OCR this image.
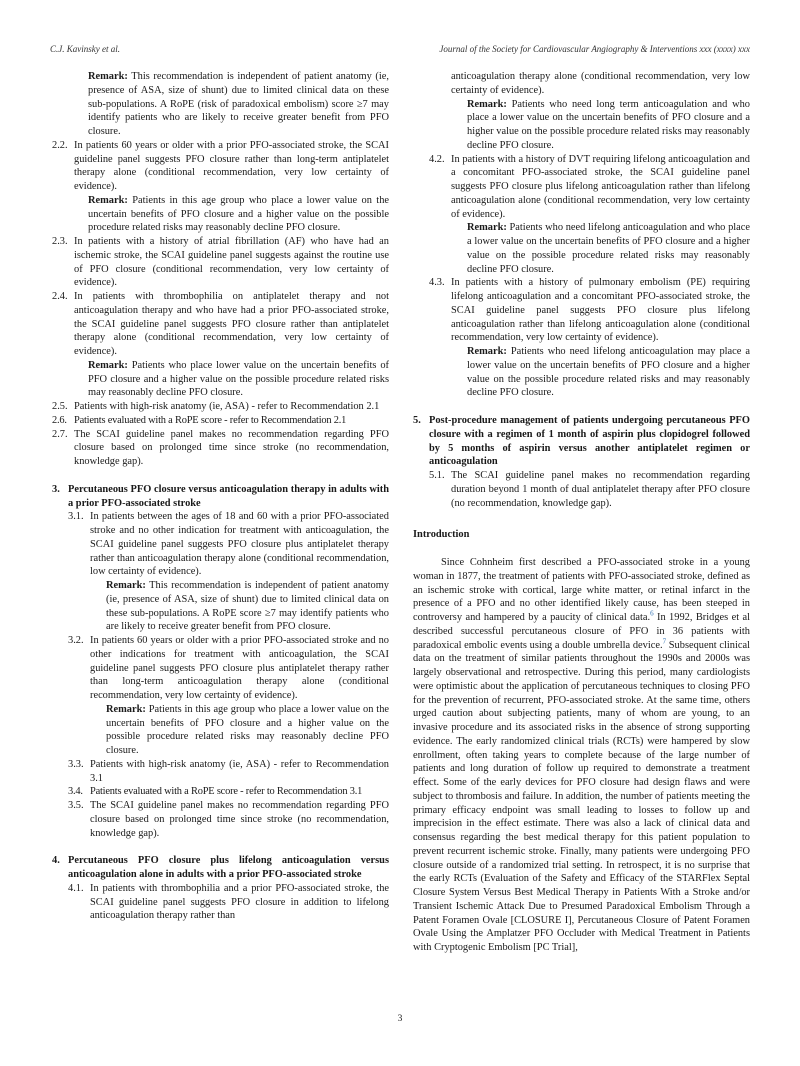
C.J. Kavinsky et al.	Journal of the Society for Cardiovascular Angiography & Interventions xxx (xxxx) xxx
Remark: This recommendation is independent of patient anatomy (ie, presence of ASA, size of shunt) due to limited clinical data on these sub-populations. A RoPE (risk of paradoxical embolism) score ≥7 may identify patients who are likely to receive greater benefit from PFO closure.
2.2. In patients 60 years or older with a prior PFO-associated stroke, the SCAI guideline panel suggests PFO closure rather than long-term antiplatelet therapy alone (conditional recommendation, very low certainty of evidence).
Remark: Patients in this age group who place a lower value on the uncertain benefits of PFO closure and a higher value on the possible procedure related risks may reasonably decline PFO closure.
2.3. In patients with a history of atrial fibrillation (AF) who have had an ischemic stroke, the SCAI guideline panel suggests against the routine use of PFO closure (conditional recommendation, very low certainty of evidence).
2.4. In patients with thrombophilia on antiplatelet therapy and not anticoagulation therapy and who have had a prior PFO-associated stroke, the SCAI guideline panel suggests PFO closure rather than antiplatelet therapy alone (conditional recommendation, very low certainty of evidence).
Remark: Patients who place lower value on the uncertain benefits of PFO closure and a higher value on the possible procedure related risks may reasonably decline PFO closure.
2.5. Patients with high-risk anatomy (ie, ASA) - refer to Recommendation 2.1
2.6. Patients evaluated with a RoPE score - refer to Recommendation 2.1
2.7. The SCAI guideline panel makes no recommendation regarding PFO closure based on prolonged time since stroke (no recommendation, knowledge gap).
3. Percutaneous PFO closure versus anticoagulation therapy in adults with a prior PFO-associated stroke
3.1. In patients between the ages of 18 and 60 with a prior PFO-associated stroke and no other indication for treatment with anticoagulation, the SCAI guideline panel suggests PFO closure plus antiplatelet therapy rather than anticoagulation therapy alone (conditional recommendation, low certainty of evidence).
Remark: This recommendation is independent of patient anatomy (ie, presence of ASA, size of shunt) due to limited clinical data on these sub-populations. A RoPE score ≥7 may identify patients who are likely to receive greater benefit from PFO closure.
3.2. In patients 60 years or older with a prior PFO-associated stroke and no other indications for treatment with anticoagulation, the SCAI guideline panel suggests PFO closure plus antiplatelet therapy rather than long-term anticoagulation therapy alone (conditional recommendation, very low certainty of evidence).
Remark: Patients in this age group who place a lower value on the uncertain benefits of PFO closure and a higher value on the possible procedure related risks may reasonably decline PFO closure.
3.3. Patients with high-risk anatomy (ie, ASA) - refer to Recommendation 3.1
3.4. Patients evaluated with a RoPE score - refer to Recommendation 3.1
3.5. The SCAI guideline panel makes no recommendation regarding PFO closure based on prolonged time since stroke (no recommendation, knowledge gap).
4. Percutaneous PFO closure plus lifelong anticoagulation versus anticoagulation alone in adults with a prior PFO-associated stroke
4.1. In patients with thrombophilia and a prior PFO-associated stroke, the SCAI guideline panel suggests PFO closure in addition to lifelong anticoagulation therapy rather than
anticoagulation therapy alone (conditional recommendation, very low certainty of evidence).
Remark: Patients who need long term anticoagulation and who place a lower value on the uncertain benefits of PFO closure and a higher value on the possible procedure related risks may reasonably decline PFO closure.
4.2. In patients with a history of DVT requiring lifelong anticoagulation and a concomitant PFO-associated stroke, the SCAI guideline panel suggests PFO closure plus lifelong anticoagulation rather than lifelong anticoagulation alone (conditional recommendation, very low certainty of evidence).
Remark: Patients who need lifelong anticoagulation and who place a lower value on the uncertain benefits of PFO closure and a higher value on the possible procedure related risks may reasonably decline PFO closure.
4.3. In patients with a history of pulmonary embolism (PE) requiring lifelong anticoagulation and a concomitant PFO-associated stroke, the SCAI guideline panel suggests PFO closure plus lifelong anticoagulation rather than lifelong anticoagulation alone (conditional recommendation, very low certainty of evidence).
Remark: Patients who need lifelong anticoagulation may place a lower value on the uncertain benefits of PFO closure and a higher value on the possible procedure related risks and may reasonably decline PFO closure.
5. Post-procedure management of patients undergoing percutaneous PFO closure with a regimen of 1 month of aspirin plus clopidogrel followed by 5 months of aspirin versus another antiplatelet regimen or anticoagulation
5.1. The SCAI guideline panel makes no recommendation regarding duration beyond 1 month of dual antiplatelet therapy after PFO closure (no recommendation, knowledge gap).
Introduction
Since Cohnheim first described a PFO-associated stroke in a young woman in 1877, the treatment of patients with PFO-associated stroke, defined as an ischemic stroke with cortical, large white matter, or retinal infarct in the presence of a PFO and no other identified likely cause, has been steeped in controversy and hampered by a paucity of clinical data.$^6$ In 1992, Bridges et al described successful percutaneous closure of PFO in 36 patients with paradoxical embolic events using a double umbrella device.$^7$ Subsequent clinical data on the treatment of similar patients throughout the 1990s and 2000s was largely observational and retrospective. During this period, many cardiologists were optimistic about the application of percutaneous techniques to closing PFO for the prevention of recurrent, PFO-associated stroke. At the same time, others urged caution about subjecting patients, many of whom are young, to an invasive procedure and its associated risks in the absence of strong supporting evidence. The early randomized clinical trials (RCTs) were hampered by slow enrollment, often taking years to complete because of the large number of patients and long duration of follow up required to demonstrate a treatment effect. Some of the early devices for PFO closure had design flaws and were subject to thrombosis and failure. In addition, the number of patients meeting the primary efficacy endpoint was small leading to losses to follow up and imprecision in the effect estimate. There was also a lack of clinical data and consensus regarding the best medical therapy for this patient population to prevent recurrent ischemic stroke. Finally, many patients were undergoing PFO closure outside of a randomized trial setting. In retrospect, it is no surprise that the early RCTs (Evaluation of the Safety and Efficacy of the STARFlex Septal Closure System Versus Best Medical Therapy in Patients With a Stroke and/or Transient Ischemic Attack Due to Presumed Paradoxical Embolism Through a Patent Foramen Ovale [CLOSURE I], Percutaneous Closure of Patent Foramen Ovale Using the Amplatzer PFO Occluder with Medical Treatment in Patients with Cryptogenic Embolism [PC Trial],
3
